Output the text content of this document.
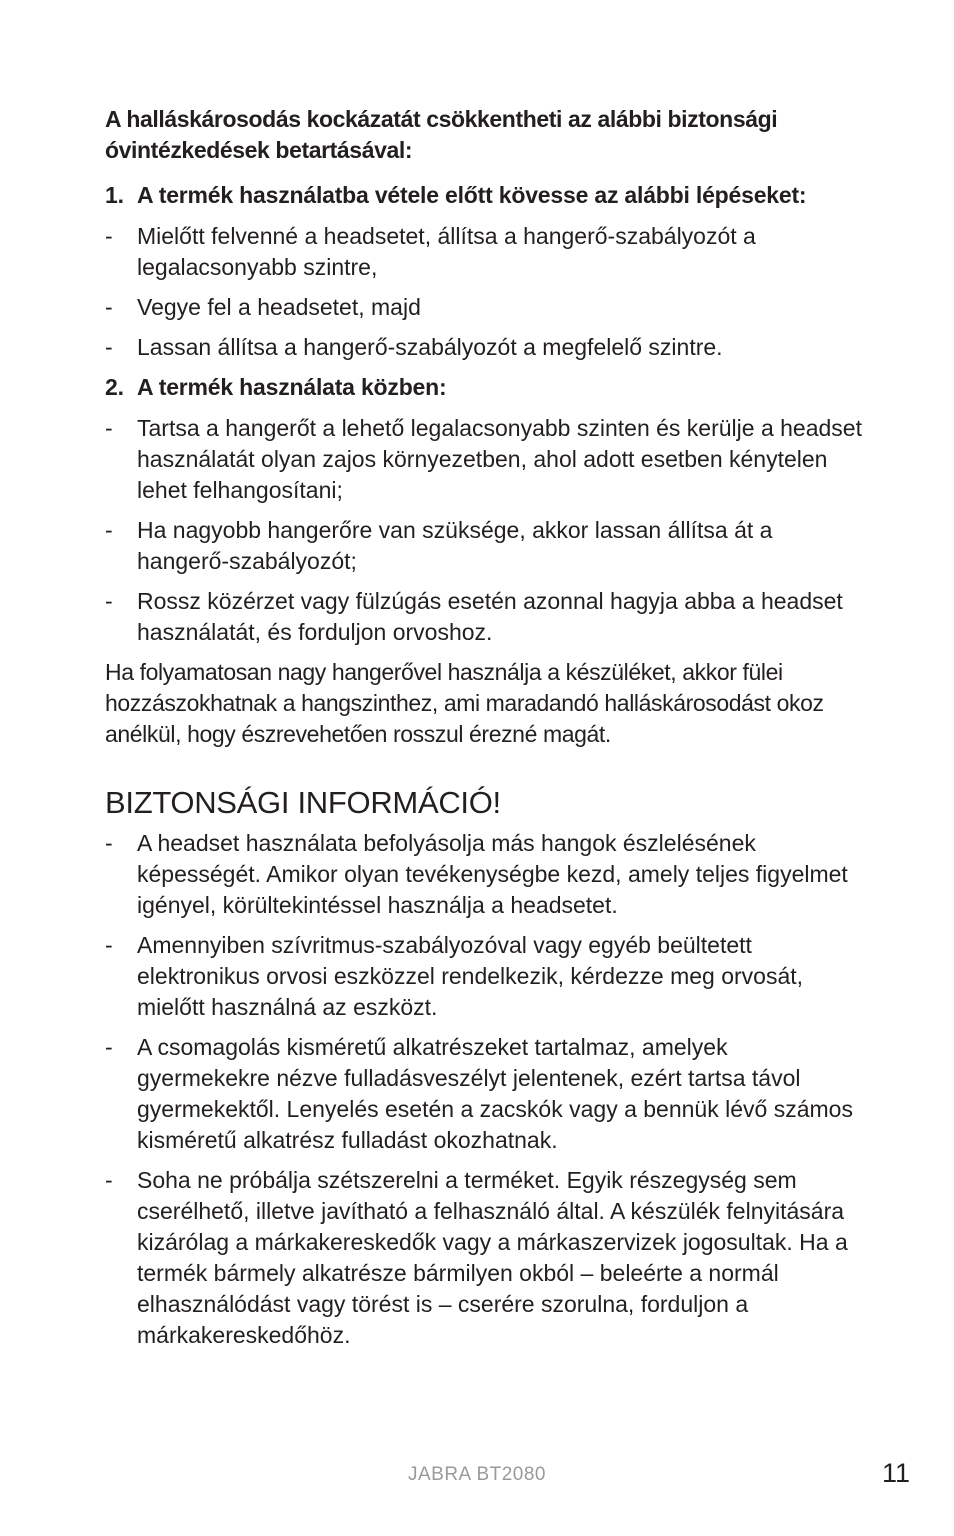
A halláskárosodás kockázatát csökkentheti az alábbi biztonsági óvintézkedések betartásával:

1. A termék használatba vétele előtt kövesse az alábbi lépéseket:
-	Mielőtt felvenné a headsetet, állítsa a hangerő-szabályozót a legalacsonyabb szintre,
-	Vegye fel a headsetet, majd
-	Lassan állítsa a hangerő-szabályozót a megfelelő szintre.
2. A termék használata közben:
-	Tartsa a hangerőt a lehető legalacsonyabb szinten és kerülje a headset használatát olyan zajos környezetben, ahol adott esetben kénytelen lehet felhangosítani;
-	Ha nagyobb hangerőre van szüksége, akkor lassan állítsa át a hangerő-szabályozót;
-	Rossz közérzet vagy fülzúgás esetén azonnal hagyja abba a headset használatát, és forduljon orvoshoz.

Ha folyamatosan nagy hangerővel használja a készüléket, akkor fülei hozzászokhatnak a hangszinthez, ami maradandó halláskárosodást okoz anélkül, hogy észrevehetően rosszul érezné magát.

BIZTONSÁGI INFORMÁCIÓ!
-	A headset használata befolyásolja más hangok észlelésének képességét. Amikor olyan tevékenységbe kezd, amely teljes figyelmet igényel, körültekintéssel használja a headsetet.
-	Amennyiben szívritmus-szabályozóval vagy egyéb beültetett elektronikus orvosi eszközzel rendelkezik, kérdezze meg orvosát, mielőtt használná az eszközt.
-	A csomagolás kisméretű alkatrészeket tartalmaz, amelyek gyermekekre nézve fulladásveszélyt jelentenek, ezért tartsa távol gyermekektől. Lenyelés esetén a zacskók vagy a bennük lévő számos kisméretű alkatrész fulladást okozhatnak.
-	Soha ne próbálja szétszerelni a terméket. Egyik részegység sem cserélhető, illetve javítható a felhasználó által. A készülék felnyitására kizárólag a márkakereskedők vagy a márkaszervizek jogosultak. Ha a termék bármely alkatrésze bármilyen okból – beleérte a normál elhasználódást vagy törést is – cserére szorulna, forduljon a márkakereskedőhöz.
JABRA BT2080	11
